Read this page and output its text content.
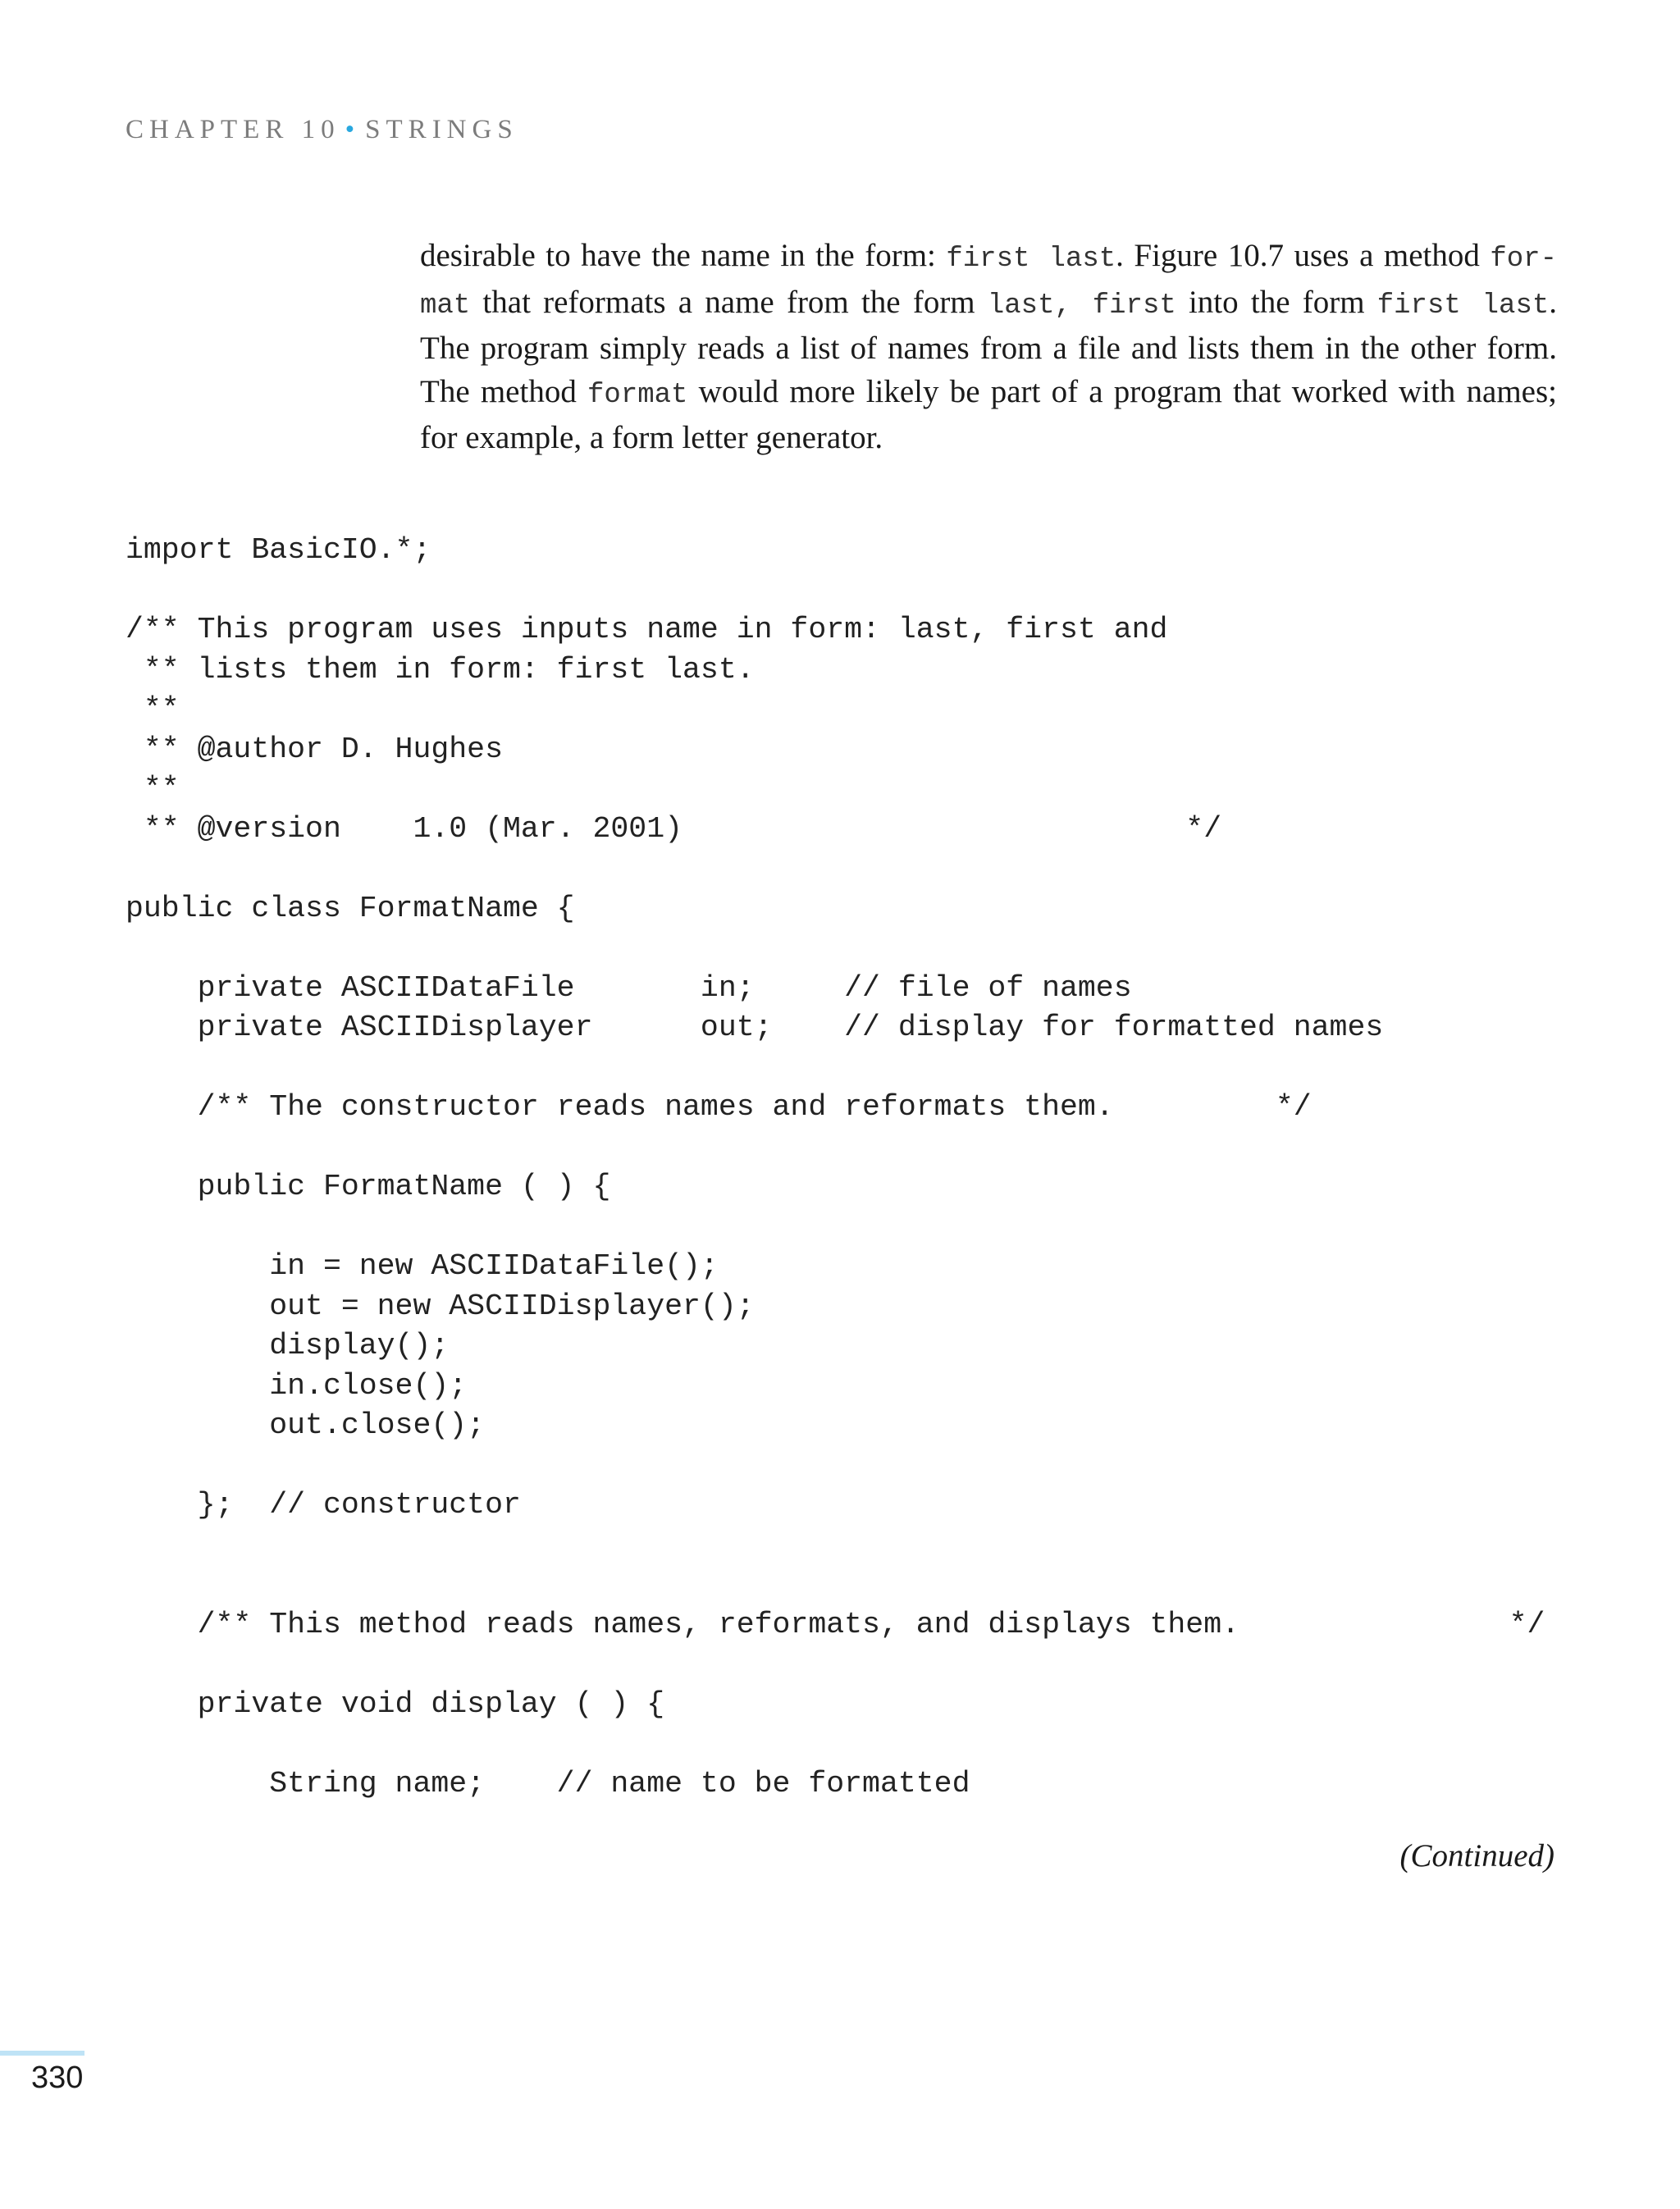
CHAPTER 10 • STRINGS
desirable to have the name in the form: first last. Figure 10.7 uses a method for-
mat that reformats a name from the form last, first into the form first last.
The program simply reads a list of names from a file and lists them in the other form.
The method format would more likely be part of a program that worked with names;
for example, a form letter generator.
import BasicIO.*;
/** This program uses inputs name in form: last, first and
** lists them in form: first last.
**
** @author D. Hughes
**
** @version    1.0 (Mar. 2001)                            */
public class FormatName {
private ASCIIDataFile       in;     // file of names
private ASCIIDisplayer      out;    // display for formatted names
/** The constructor reads names and reformats them.         */
public FormatName ( ) {
in = new ASCIIDataFile();
out = new ASCIIDisplayer();
display();
in.close();
out.close();
};  // constructor
/** This method reads names, reformats, and displays them.               */
private void display ( ) {
String name;    // name to be formatted
(Continued)
330
